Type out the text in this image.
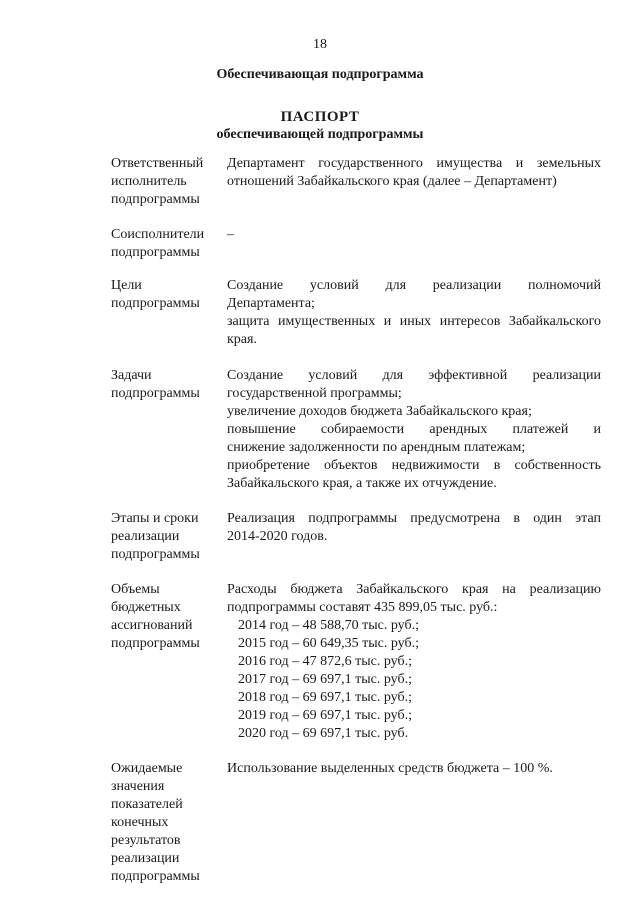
18
Обеспечивающая подпрограмма
ПАСПОРТ
обеспечивающей подпрограммы
Ответственный
исполнитель
подпрограммы
Департамент государственного имущества и земельных
отношений Забайкальского края (далее – Департамент)
Соисполнители
подпрограммы
–
Цели
подпрограммы
Создание условий для реализации полномочий
Департамента;
защита имущественных и иных интересов Забайкальского
края.
Задачи
подпрограммы
Создание условий для эффективной реализации
государственной программы;
увеличение доходов бюджета Забайкальского края;
повышение собираемости арендных платежей и
снижение задолженности по арендным платежам;
приобретение объектов недвижимости в собственность
Забайкальского края, а также их отчуждение.
Этапы и сроки
реализации
подпрограммы
Реализация подпрограммы предусмотрена в один этап
2014-2020 годов.
Объемы
бюджетных
ассигнований
подпрограммы
Расходы бюджета Забайкальского края на реализацию
подпрограммы составят 435 899,05 тыс. руб.:
2014 год – 48 588,70 тыс. руб.;
2015 год – 60 649,35 тыс. руб.;
2016 год – 47 872,6 тыс. руб.;
2017 год – 69 697,1 тыс. руб.;
2018 год – 69 697,1 тыс. руб.;
2019 год – 69 697,1 тыс. руб.;
2020 год – 69 697,1 тыс. руб.
Ожидаемые
значения
показателей
конечных
результатов
реализации
подпрограммы
Использование выделенных средств бюджета – 100 %.
